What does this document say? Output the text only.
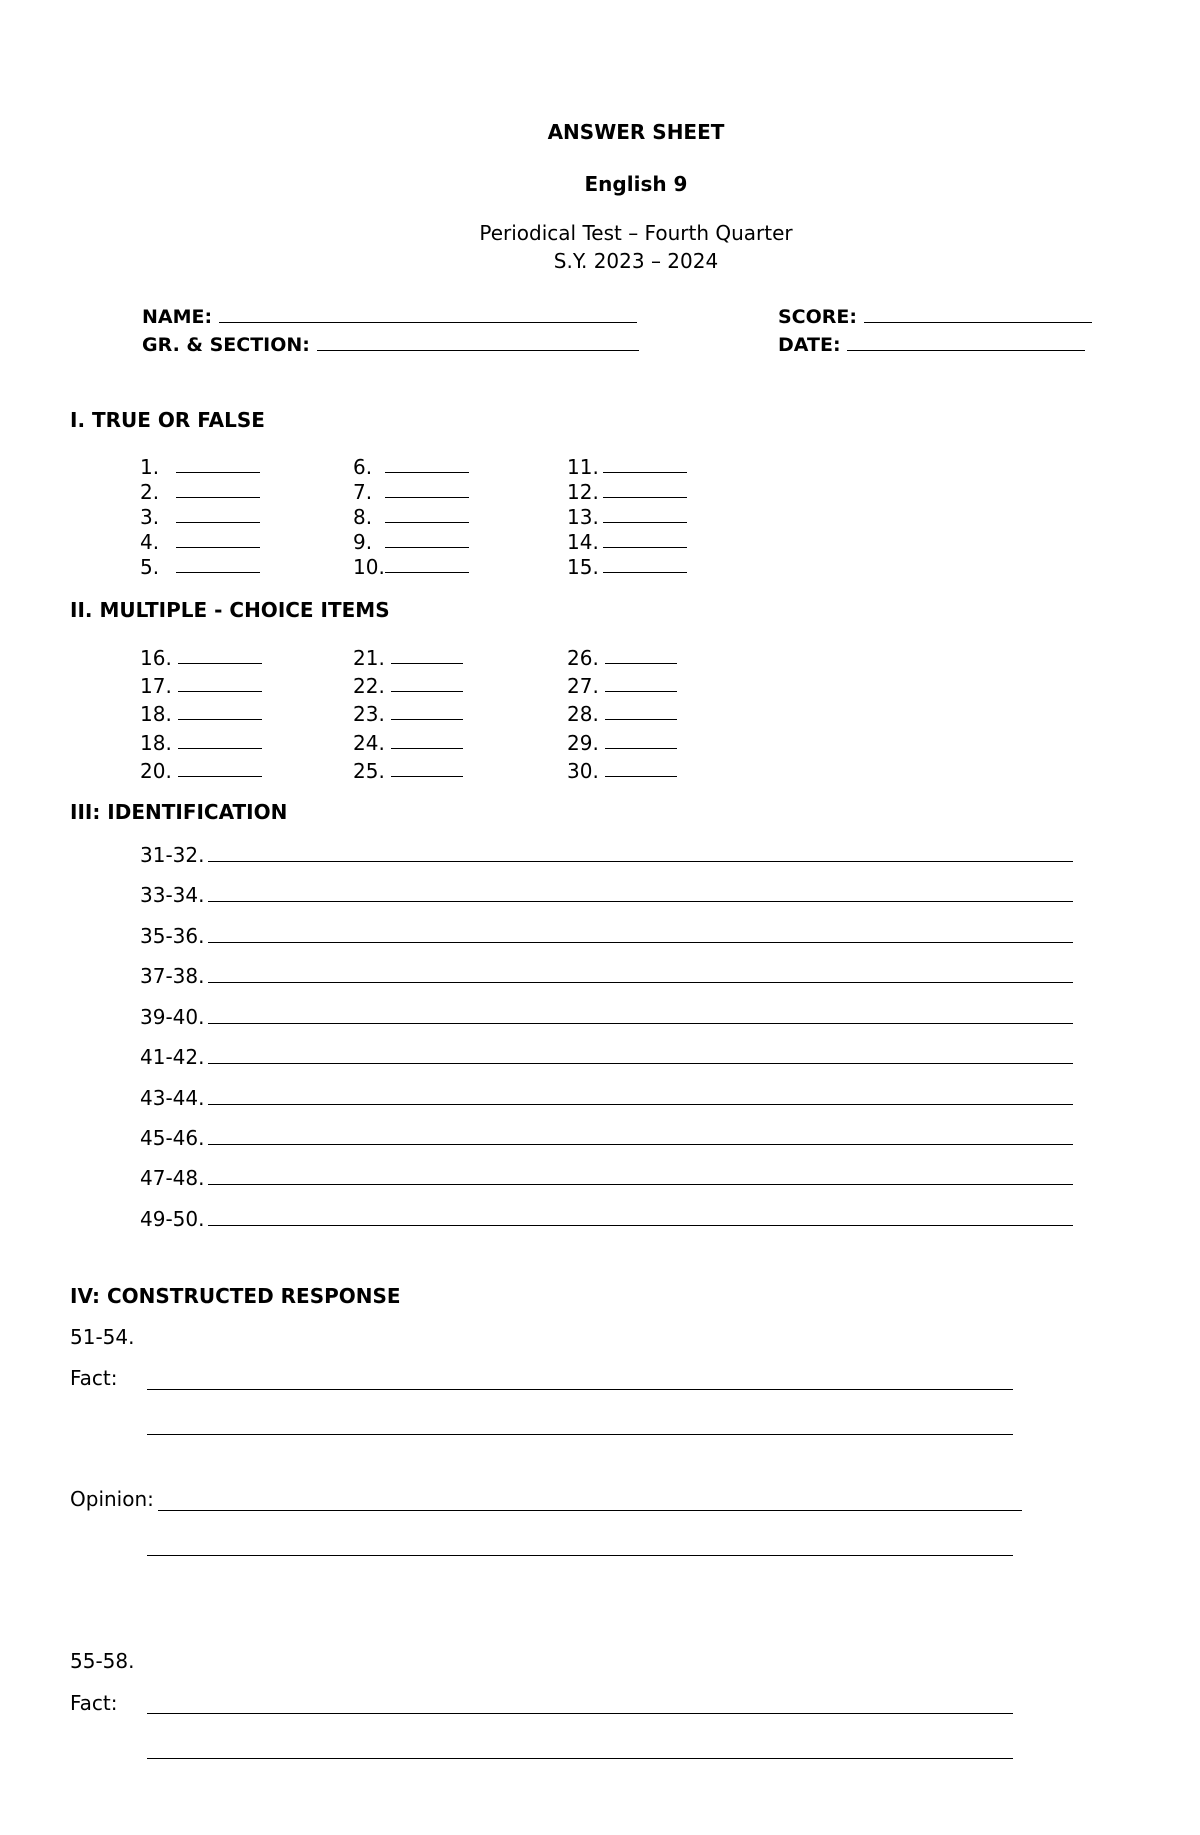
ANSWER SHEET
English 9
Periodical Test – Fourth Quarter
S.Y. 2023 – 2024
NAME:	SCORE:
GR. & SECTION:	DATE:
I. TRUE OR FALSE
1.
2.
3.
4.
5.
6.
7.
8.
9.
10.
11.
12.
13.
14.
15.
II. MULTIPLE - CHOICE ITEMS
16.
17.
18.
18.
20.
21.
22.
23.
24.
25.
26.
27.
28.
29.
30.
III: IDENTIFICATION
31-32.
33-34.
35-36.
37-38.
39-40.
41-42.
43-44.
45-46.
47-48.
49-50.
IV: CONSTRUCTED RESPONSE
51-54.
Fact:
Opinion:
55-58.
Fact:
